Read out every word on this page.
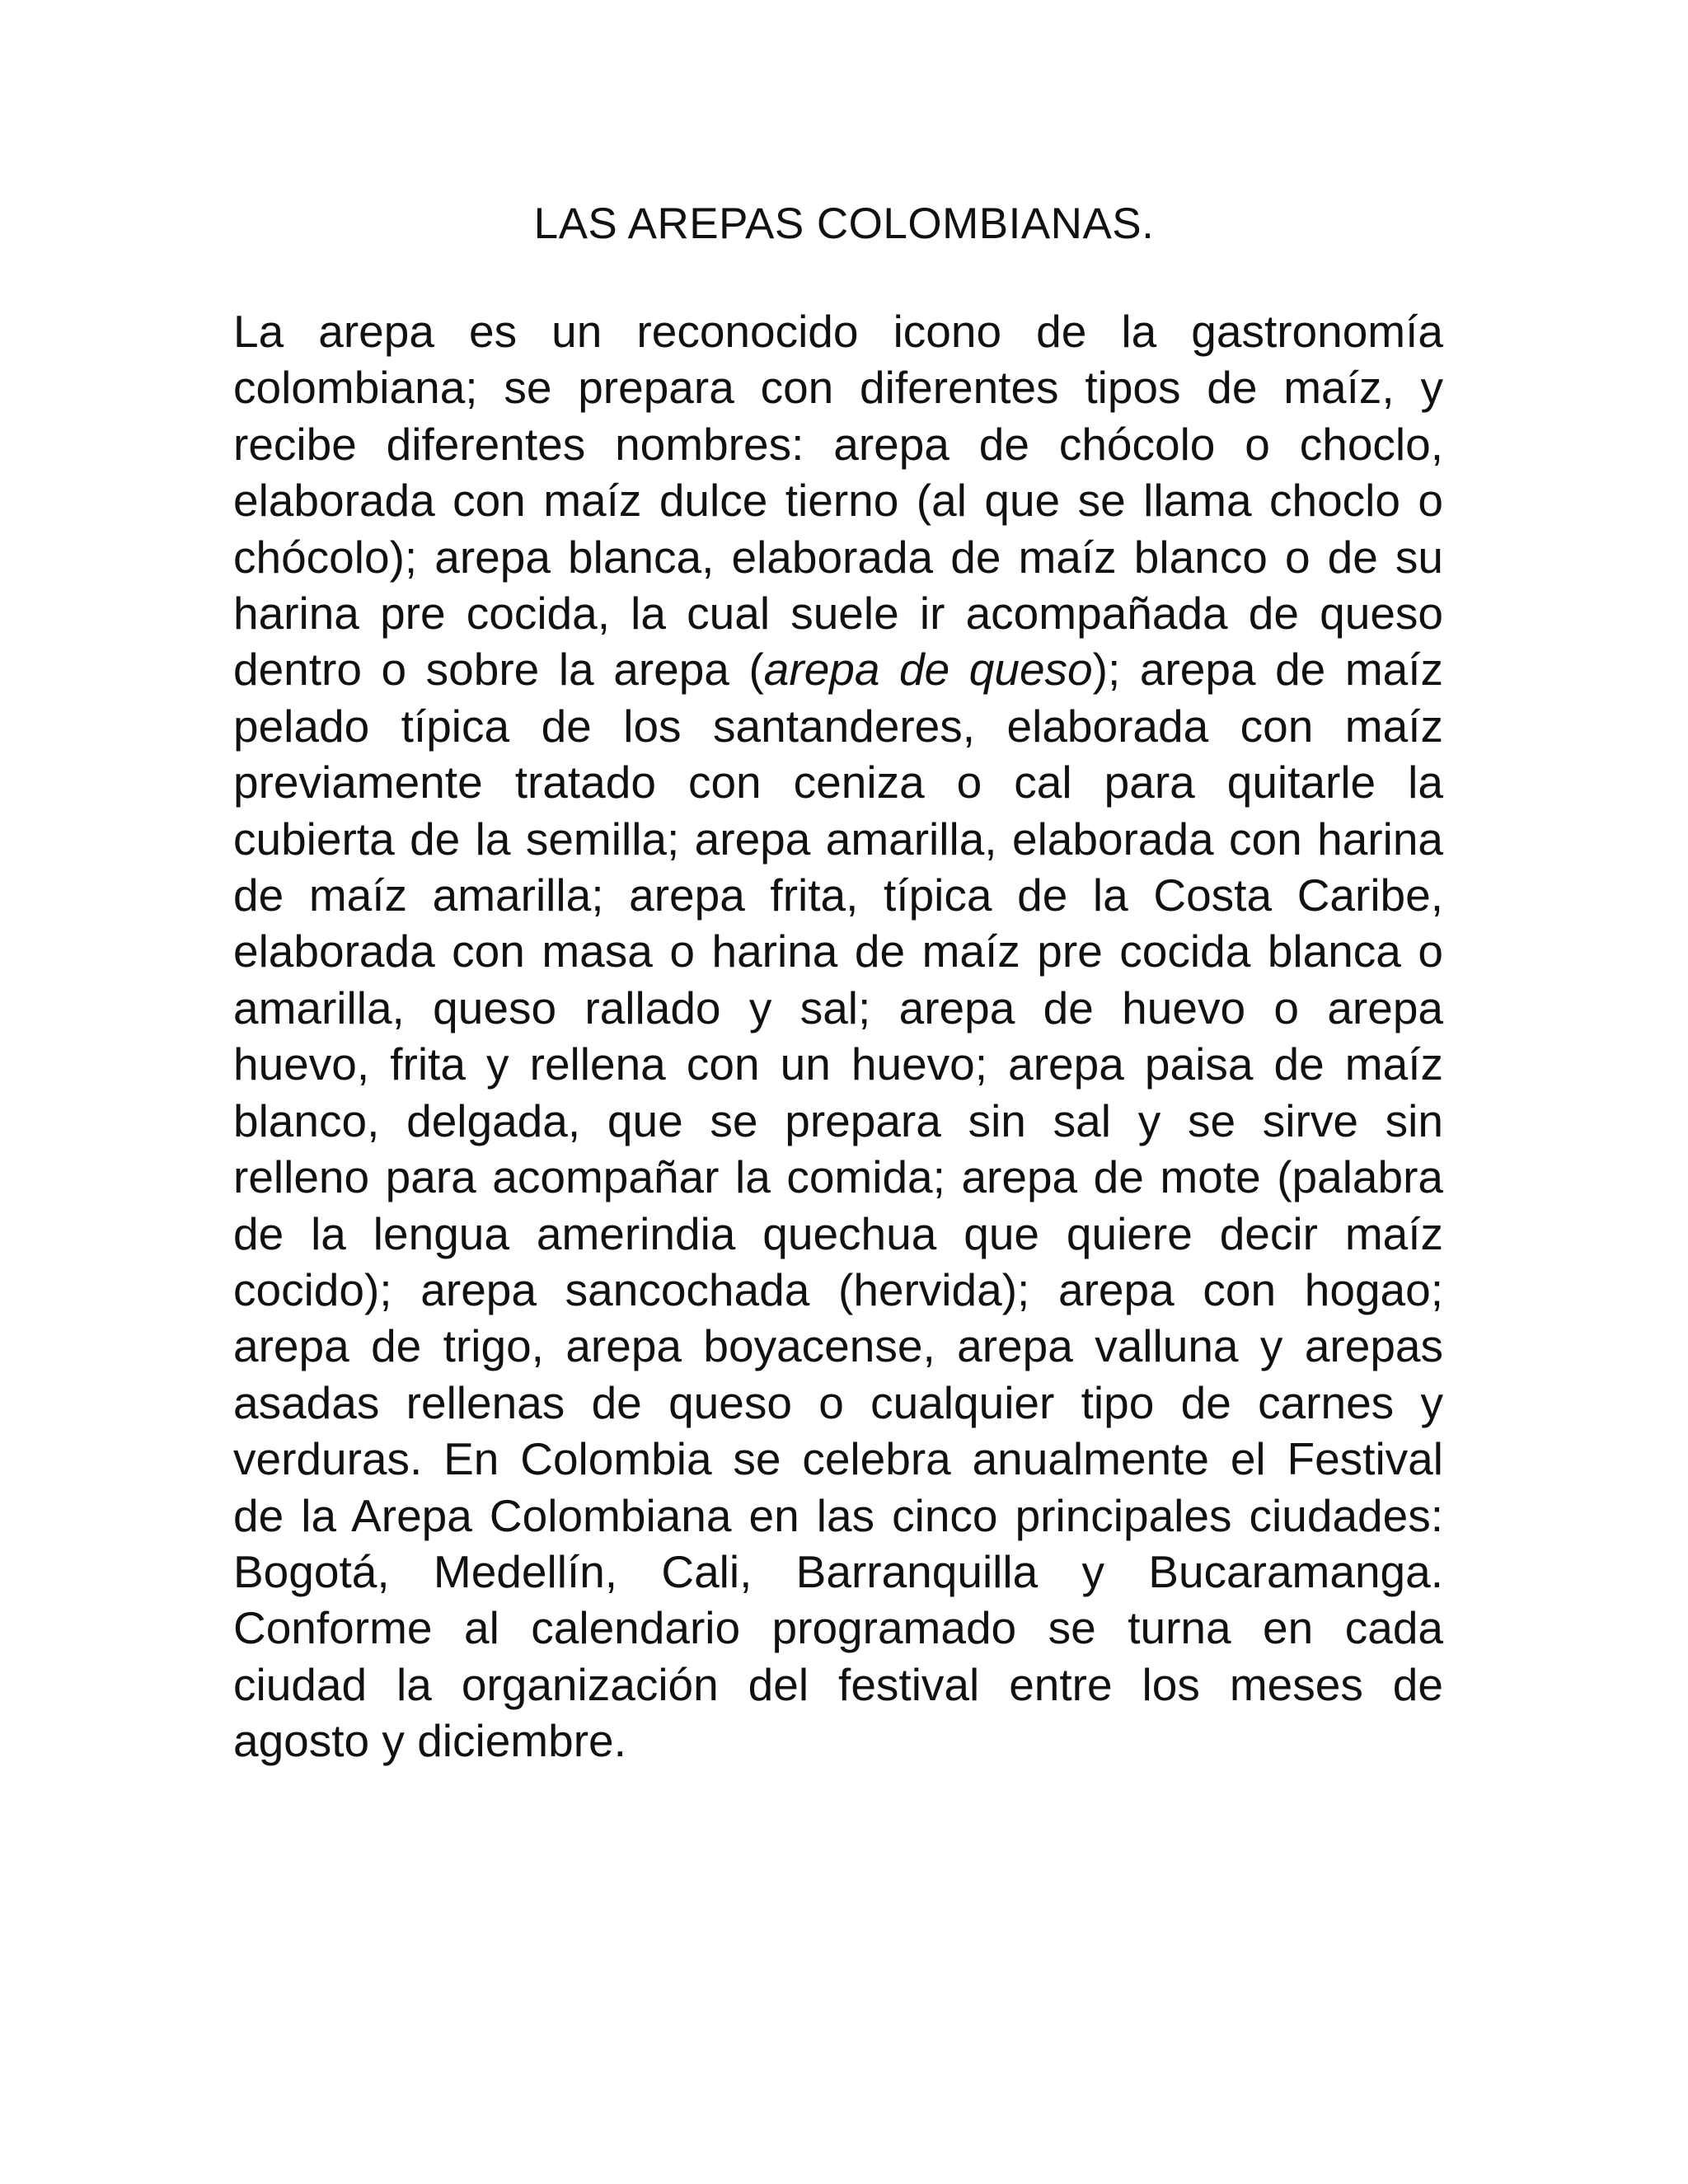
LAS AREPAS COLOMBIANAS.

La arepa es un reconocido icono de la gastronomía colombiana; se prepara con diferentes tipos de maíz, y recibe diferentes nombres: arepa de chócolo o choclo, elaborada con maíz dulce tierno (al que se llama choclo o chócolo); arepa blanca, elaborada de maíz blanco o de su harina pre cocida, la cual suele ir acompañada de queso dentro o sobre la arepa (arepa de queso); arepa de maíz pelado típica de los santanderes, elaborada con maíz previamente tratado con ceniza o cal para quitarle la cubierta de la semilla; arepa amarilla, elaborada con harina de maíz amarilla; arepa frita, típica de la Costa Caribe, elaborada con masa o harina de maíz pre cocida blanca o amarilla, queso rallado y sal; arepa de huevo o arepa huevo, frita y rellena con un huevo; arepa paisa de maíz blanco, delgada, que se prepara sin sal y se sirve sin relleno para acompañar la comida; arepa de mote (palabra de la lengua amerindia quechua que quiere decir maíz cocido); arepa sancochada (hervida); arepa con hogao; arepa de trigo, arepa boyacense, arepa valluna y arepas asadas rellenas de queso o cualquier tipo de carnes y verduras. En Colombia se celebra anualmente el Festival de la Arepa Colombiana en las cinco principales ciudades: Bogotá, Medellín, Cali, Barranquilla y Bucaramanga. Conforme al calendario programado se turna en cada ciudad la organización del festival entre los meses de agosto y diciembre.
